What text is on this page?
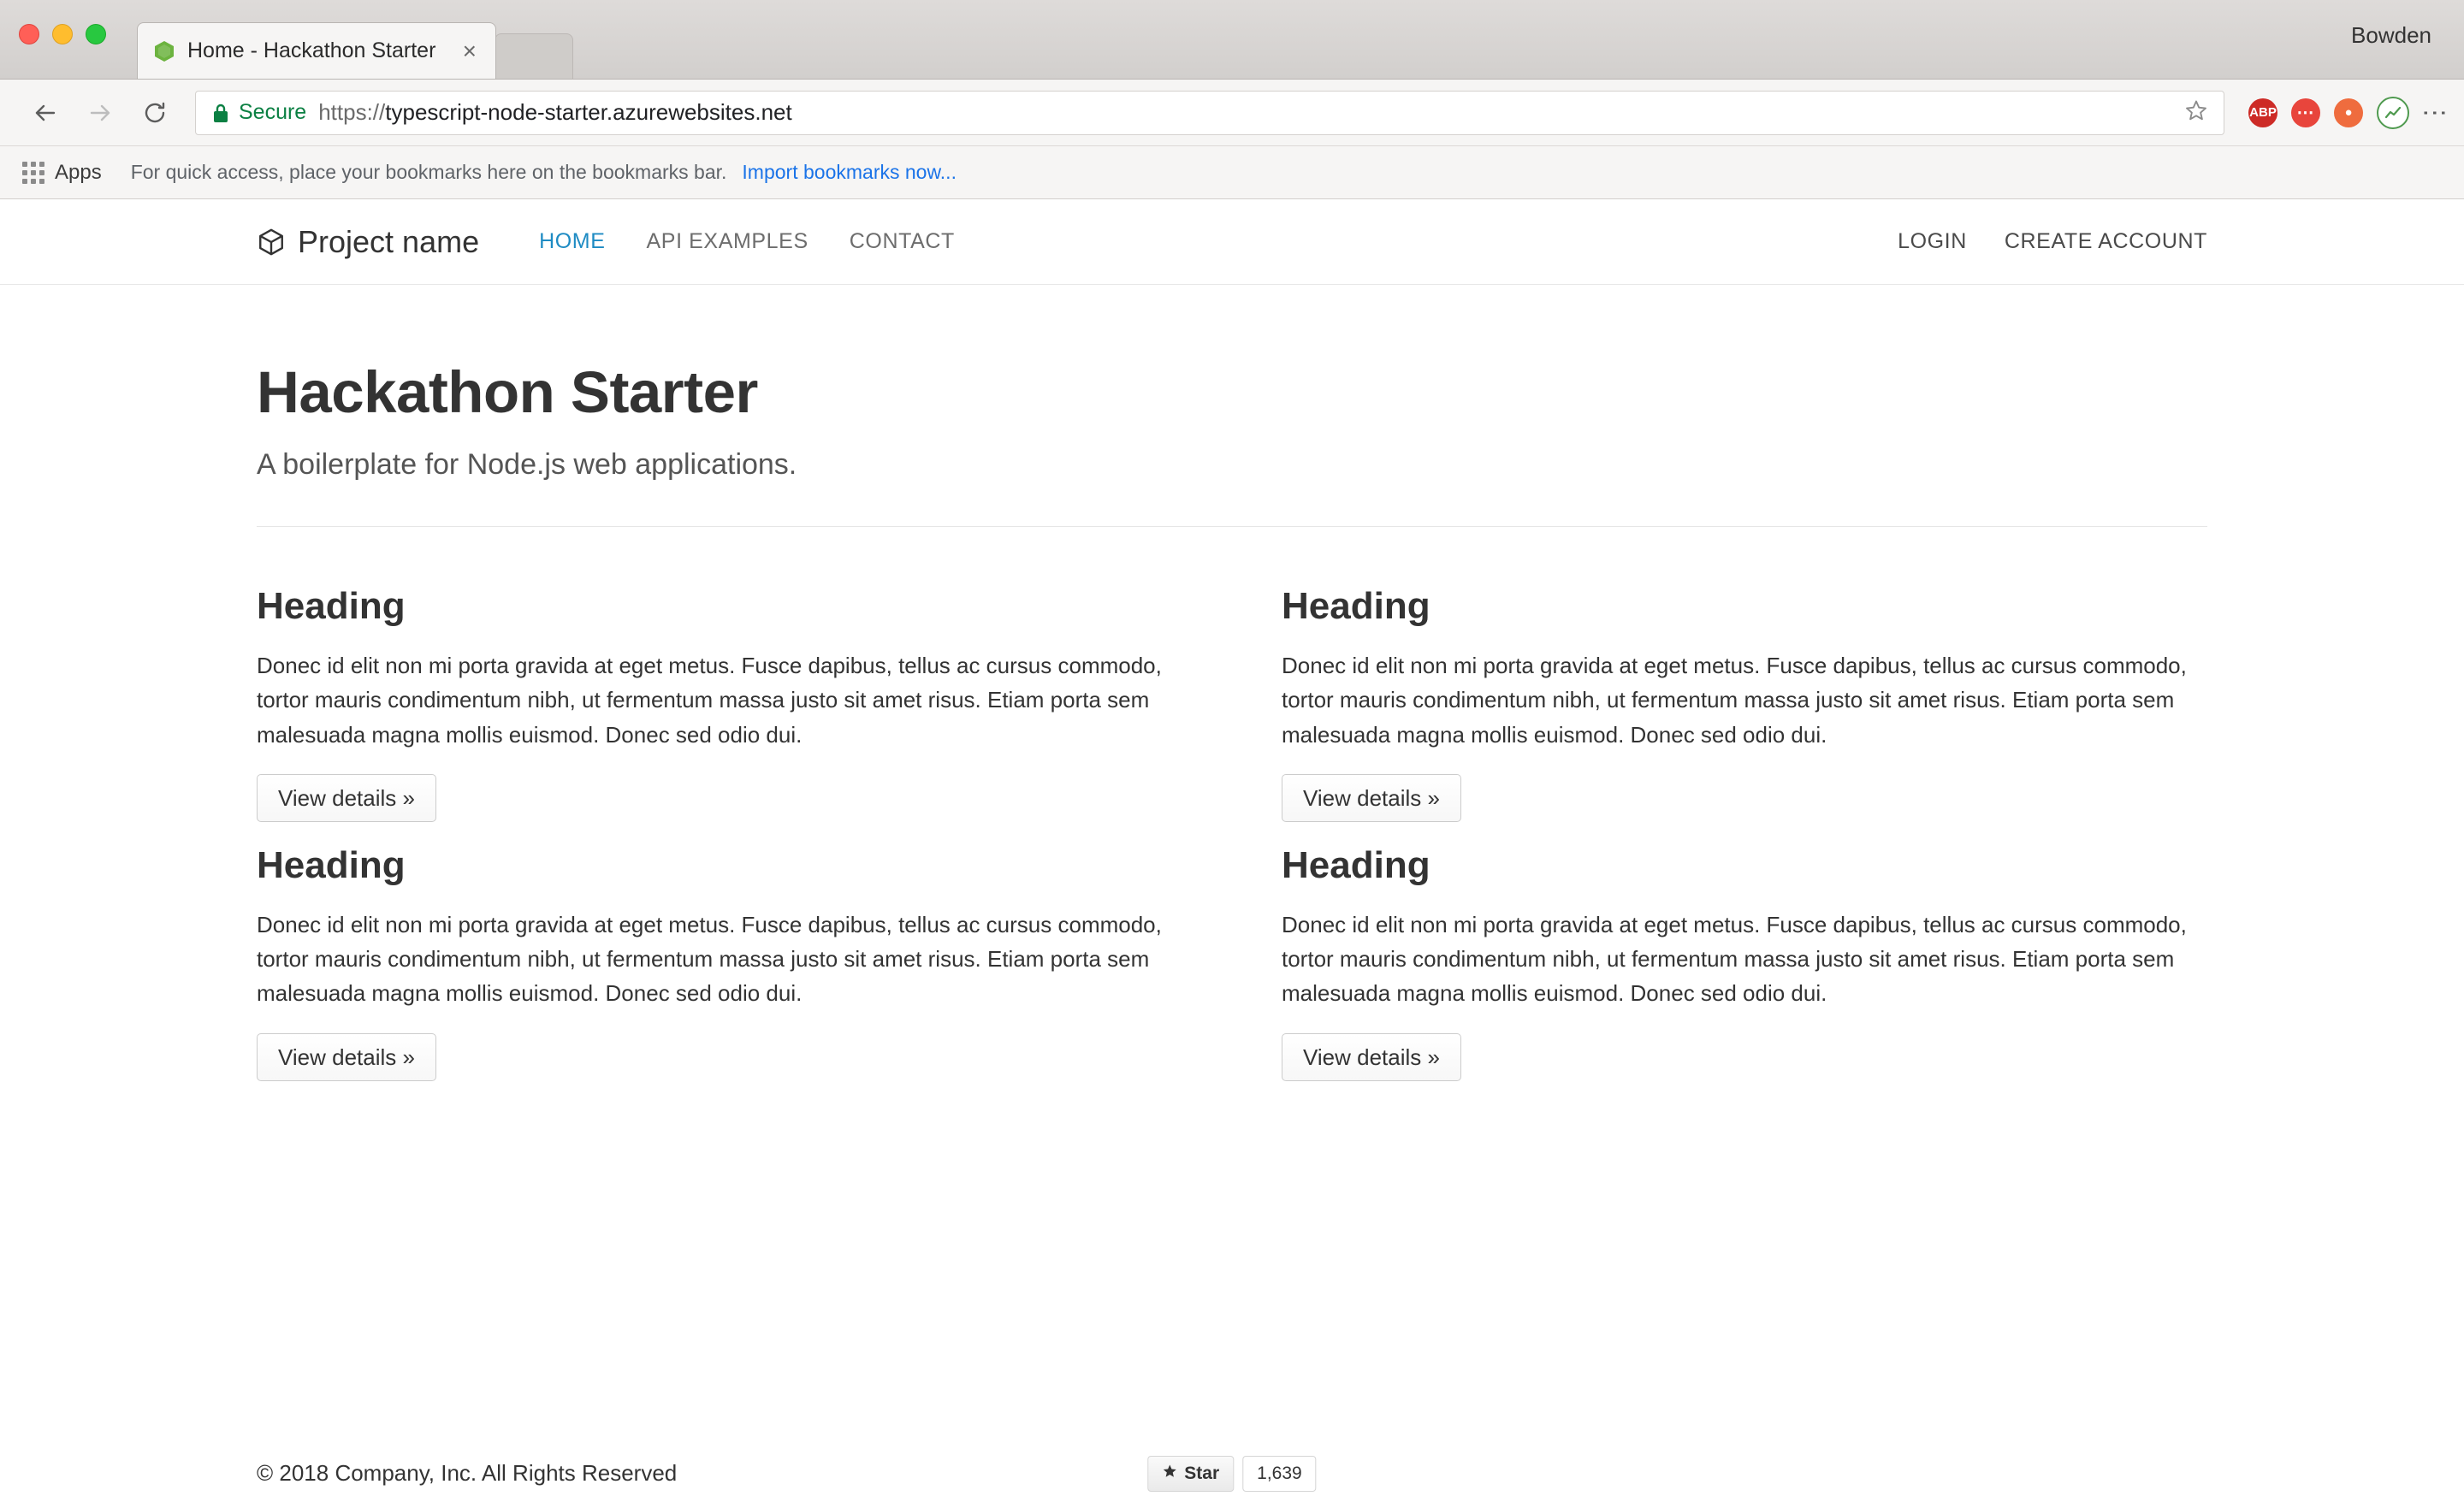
Home - Hackathon Starter	×
Bowden
Secure https://typescript-node-starter.azurewebsites.net	ABP	⋯	●	⋮
Apps For quick access, place your bookmarks here on the bookmarks bar. Import bookmarks now...
Project name	HOME	API EXAMPLES	CONTACT	LOGIN	CREATE ACCOUNT
Hackathon Starter

A boilerplate for Node.js web applications.

Heading

Donec id elit non mi porta gravida at eget metus. Fusce dapibus, tellus ac cursus commodo, tortor mauris condimentum nibh, ut fermentum massa justo sit amet risus. Etiam porta sem malesuada magna mollis euismod. Donec sed odio dui.

View details »
Heading

Donec id elit non mi porta gravida at eget metus. Fusce dapibus, tellus ac cursus commodo, tortor mauris condimentum nibh, ut fermentum massa justo sit amet risus. Etiam porta sem malesuada magna mollis euismod. Donec sed odio dui.

View details »
Heading

Donec id elit non mi porta gravida at eget metus. Fusce dapibus, tellus ac cursus commodo, tortor mauris condimentum nibh, ut fermentum massa justo sit amet risus. Etiam porta sem malesuada magna mollis euismod. Donec sed odio dui.

View details »
Heading

Donec id elit non mi porta gravida at eget metus. Fusce dapibus, tellus ac cursus commodo, tortor mauris condimentum nibh, ut fermentum massa justo sit amet risus. Etiam porta sem malesuada magna mollis euismod. Donec sed odio dui.

View details »
© 2018 Company, Inc. All Rights Reserved	Star	1,639
